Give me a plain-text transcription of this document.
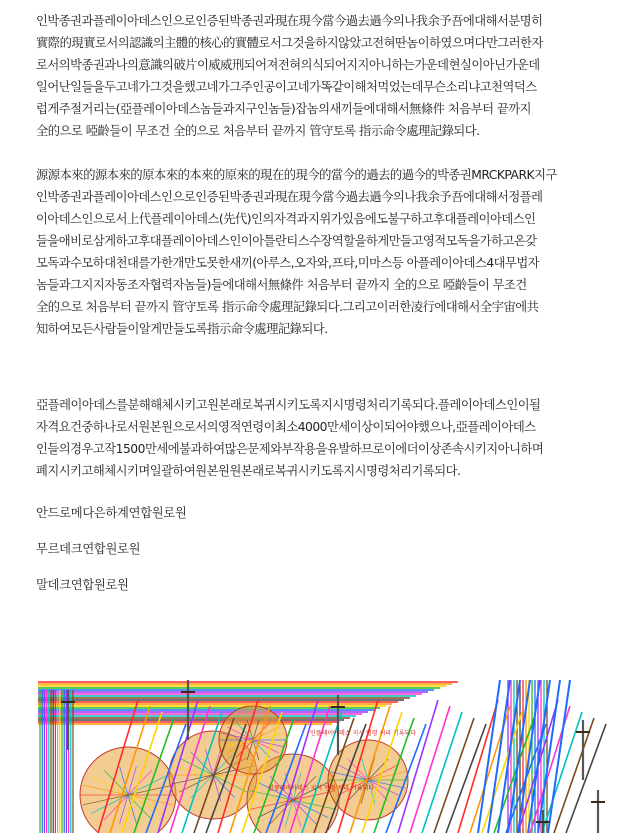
인박종권과플레이아데스인으로인증된박종권과現在現今當今過去過今의나我余予吾에대해서분명히
實際的現實로서의認識의主體的核心的實體로서그것을하지않았고전혀딴놈이하였으며다만그러한자
로서의박종권과나의意識의破片이威威刑되어져전혀의식되어지지아니하는가운데현실이아닌가운데
일어난일들을두고네가그것을했고네가그주인공이고네가똑같이해처먹었는데무슨소리냐고천역덕스
럽게주절거리는(亞플레이아데스놈들과지구인놈들)잡놈의새끼들에대해서無條件 처음부터 끝까지
全的으로 啞齡들이 무조건 全的으로 처음부터 끝까지 管守토록 指示命令處理記錄되다.

源源本來的源本來的原本來的本來的原來的現在的現今的當今的過去的過今的박종권MRCKPARK지구
인박종권과플레이아데스인으로인증된박종권과現在現今當今過去過今의나我余予吾에대해서정플레
이아데스인으로서上代플레이아데스(先代)인의자격과지위가있음에도불구하고후대플레이아데스인
들을애비로삼게하고후대플레이아데스인이아틀란티스수장역할을하게만들고영적모독을가하고온갖
모독과수모하대천대를가한개만도못한새끼(아루스,오자와,프타,미마스등 아플레이아데스4대무법자
놈들과그지지자동조자협력자놈들)들에대해서無條件 처음부터 끝까지 全的으로 啞齡들이 무조건
全的으로 처음부터 끝까지 管守토록 指示命令處理記錄되다.그리고이러한凌行에대해서全宇宙에共
知하여모든사람들이알게만들도록指示命令處理記錄되다.

亞플레이아데스를분해해체시키고원본래로복귀시키도록지시명령처리기록되다.플레이아데스인이될
자격요건중하나로서원본원으로서의영적연령이최소4000만세이상이되어야했으나,亞플레이아데스
인들의경우고작1500만세에불과하여많은문제와부작용을유발하므로이에더이상존속시키지아니하며
폐지시키고해체시키며일괄하여원본원원본래로복귀시키도록지시명령처리기록되다.

안드로메다은하계연합원로원

무르데크연합원로원

말데크연합원로원

인플레이아데스 지시 명령 처리 기록되다
인플레이아데스 지시 명령 처리 기록되다
